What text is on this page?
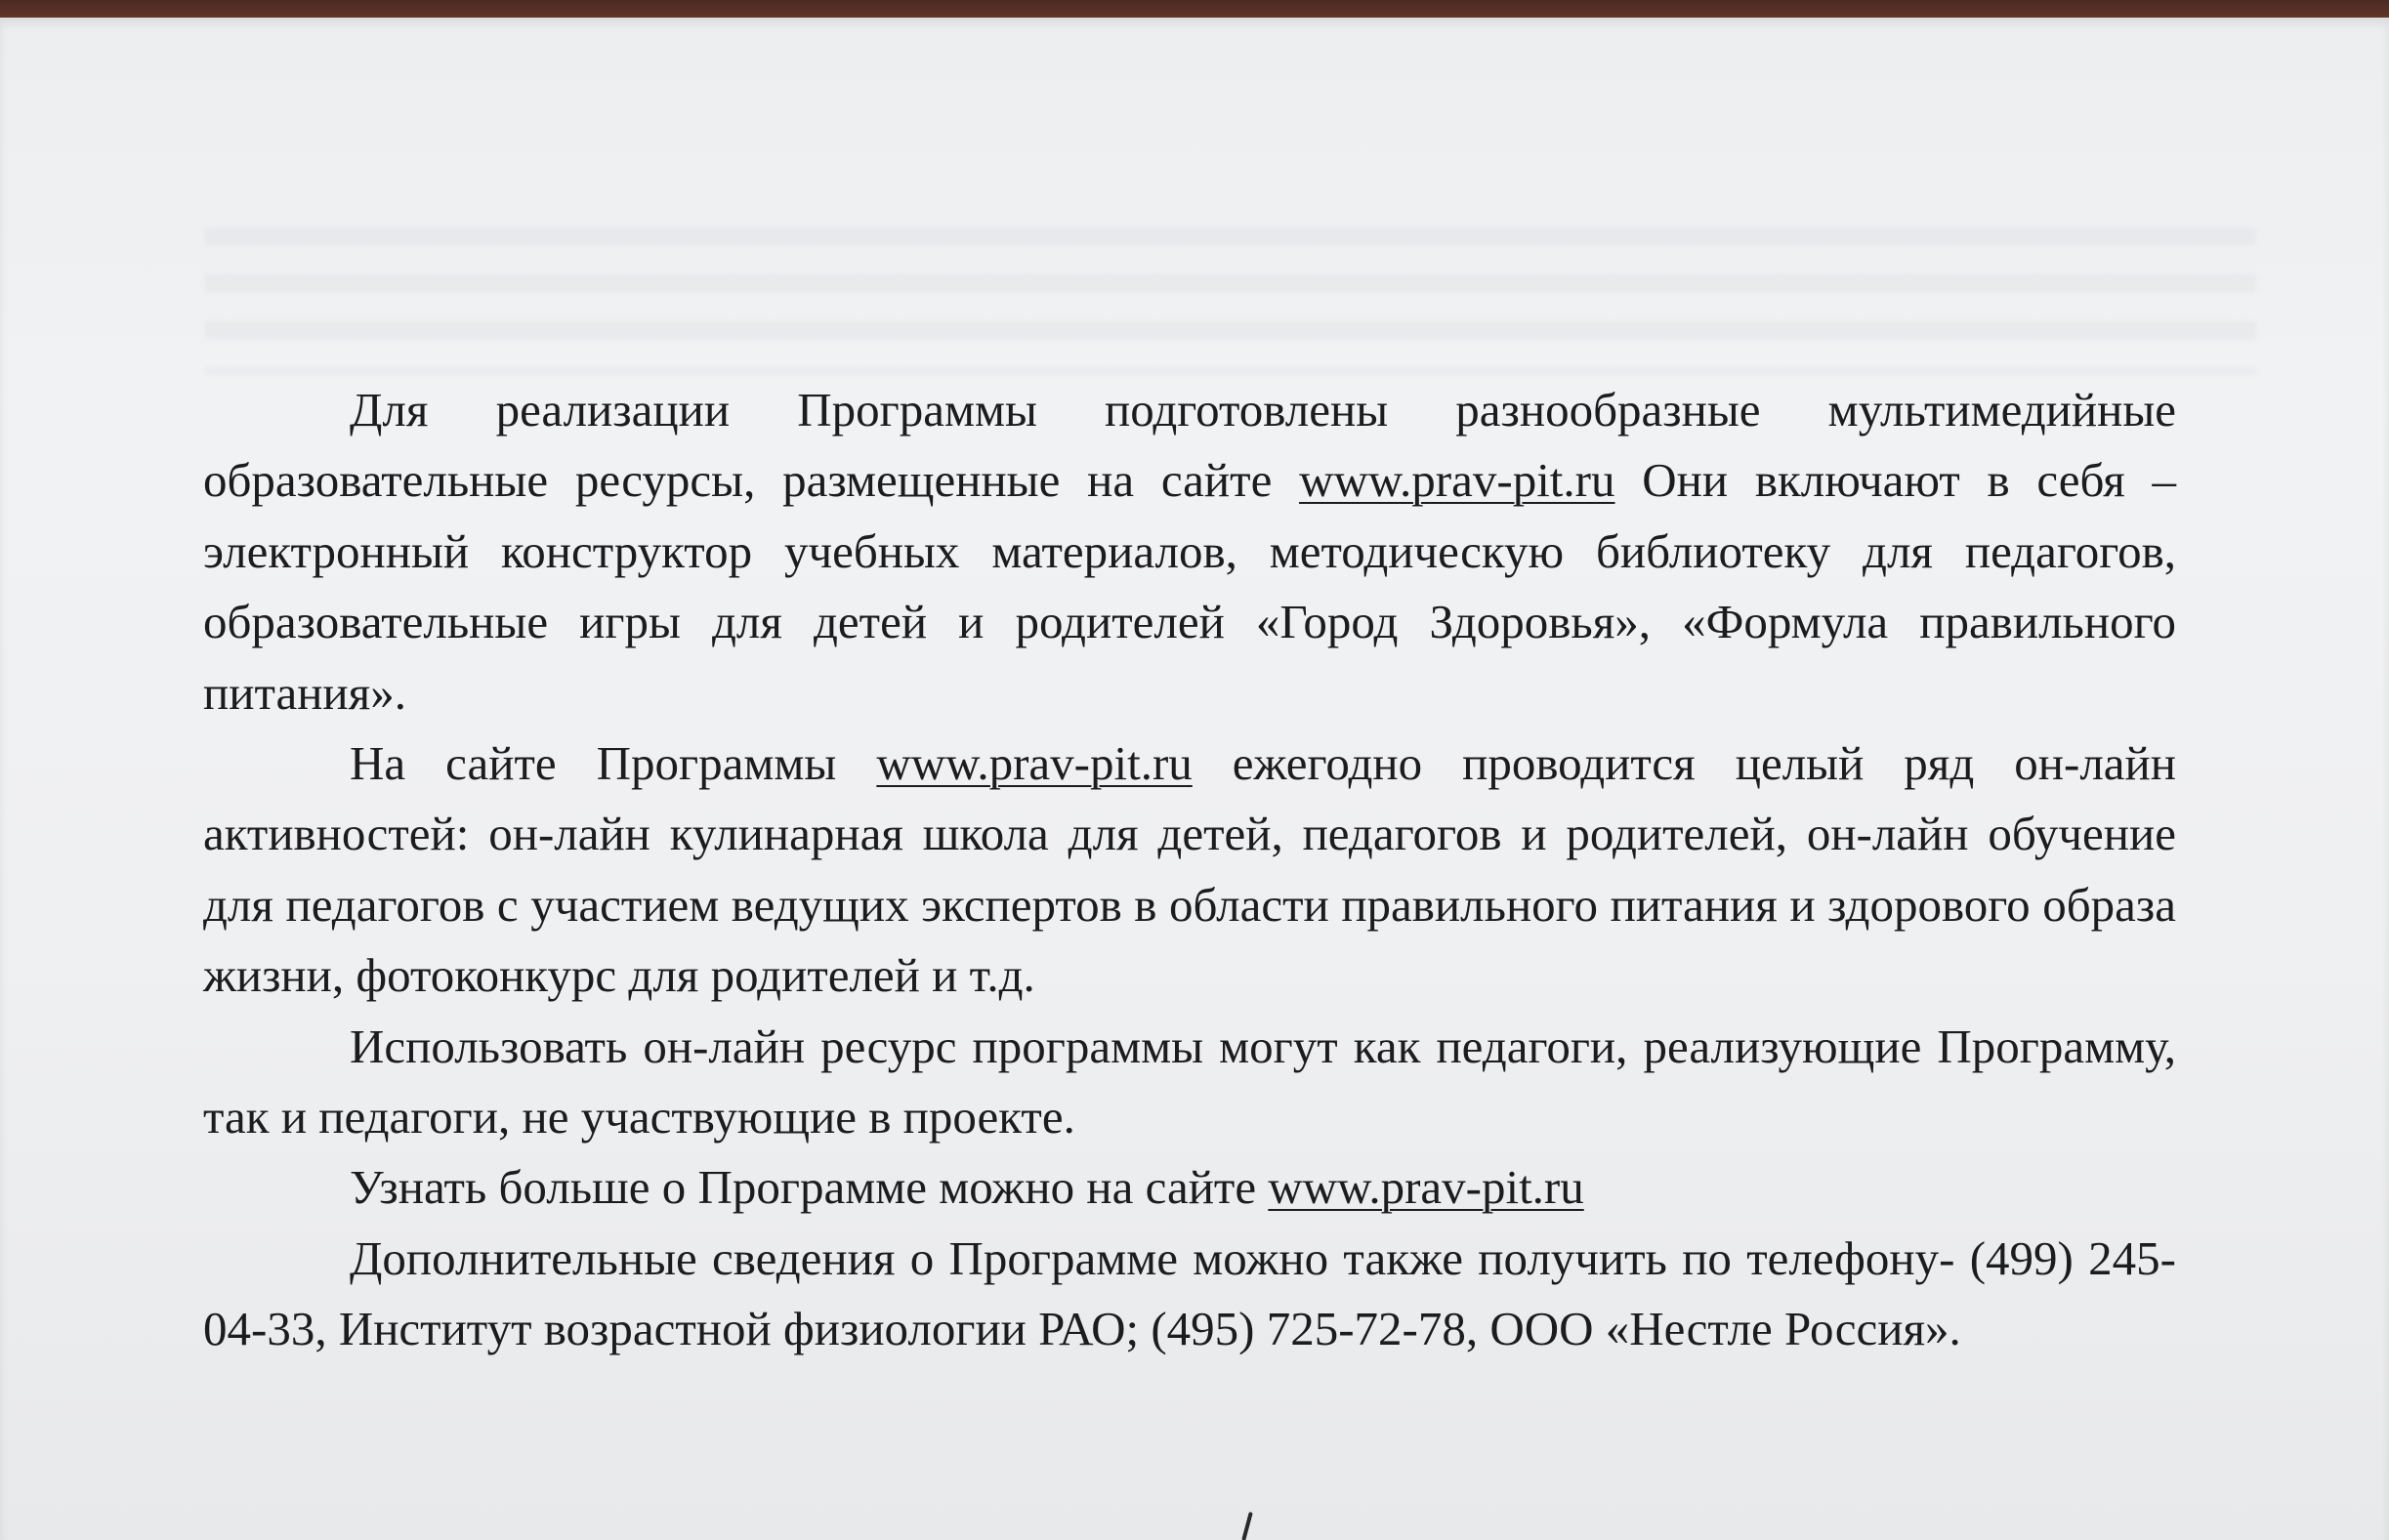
Для реализации Программы подготовлены разнообразные мультимедийные образовательные ресурсы, размещенные на сайте www.prav-pit.ru Они включают в себя – электронный конструктор учебных материалов, методическую библиотеку для педагогов, образовательные игры для детей и родителей «Город Здоровья», «Формула правильного питания».

На сайте Программы www.prav-pit.ru ежегодно проводится целый ряд он-лайн активностей: он-лайн кулинарная школа для детей, педагогов и родителей, он-лайн обучение для педагогов с участием ведущих экспертов в области правильного питания и здорового образа жизни, фотоконкурс для родителей и т.д.

Использовать он-лайн ресурс программы могут как педагоги, реализующие Программу, так и педагоги, не участвующие в проекте.

Узнать больше о Программе можно на сайте www.prav-pit.ru

Дополнительные сведения о Программе можно также получить по телефону- (499) 245-04-33, Институт возрастной физиологии РАО; (495) 725-72-78, ООО «Нестле Россия».
